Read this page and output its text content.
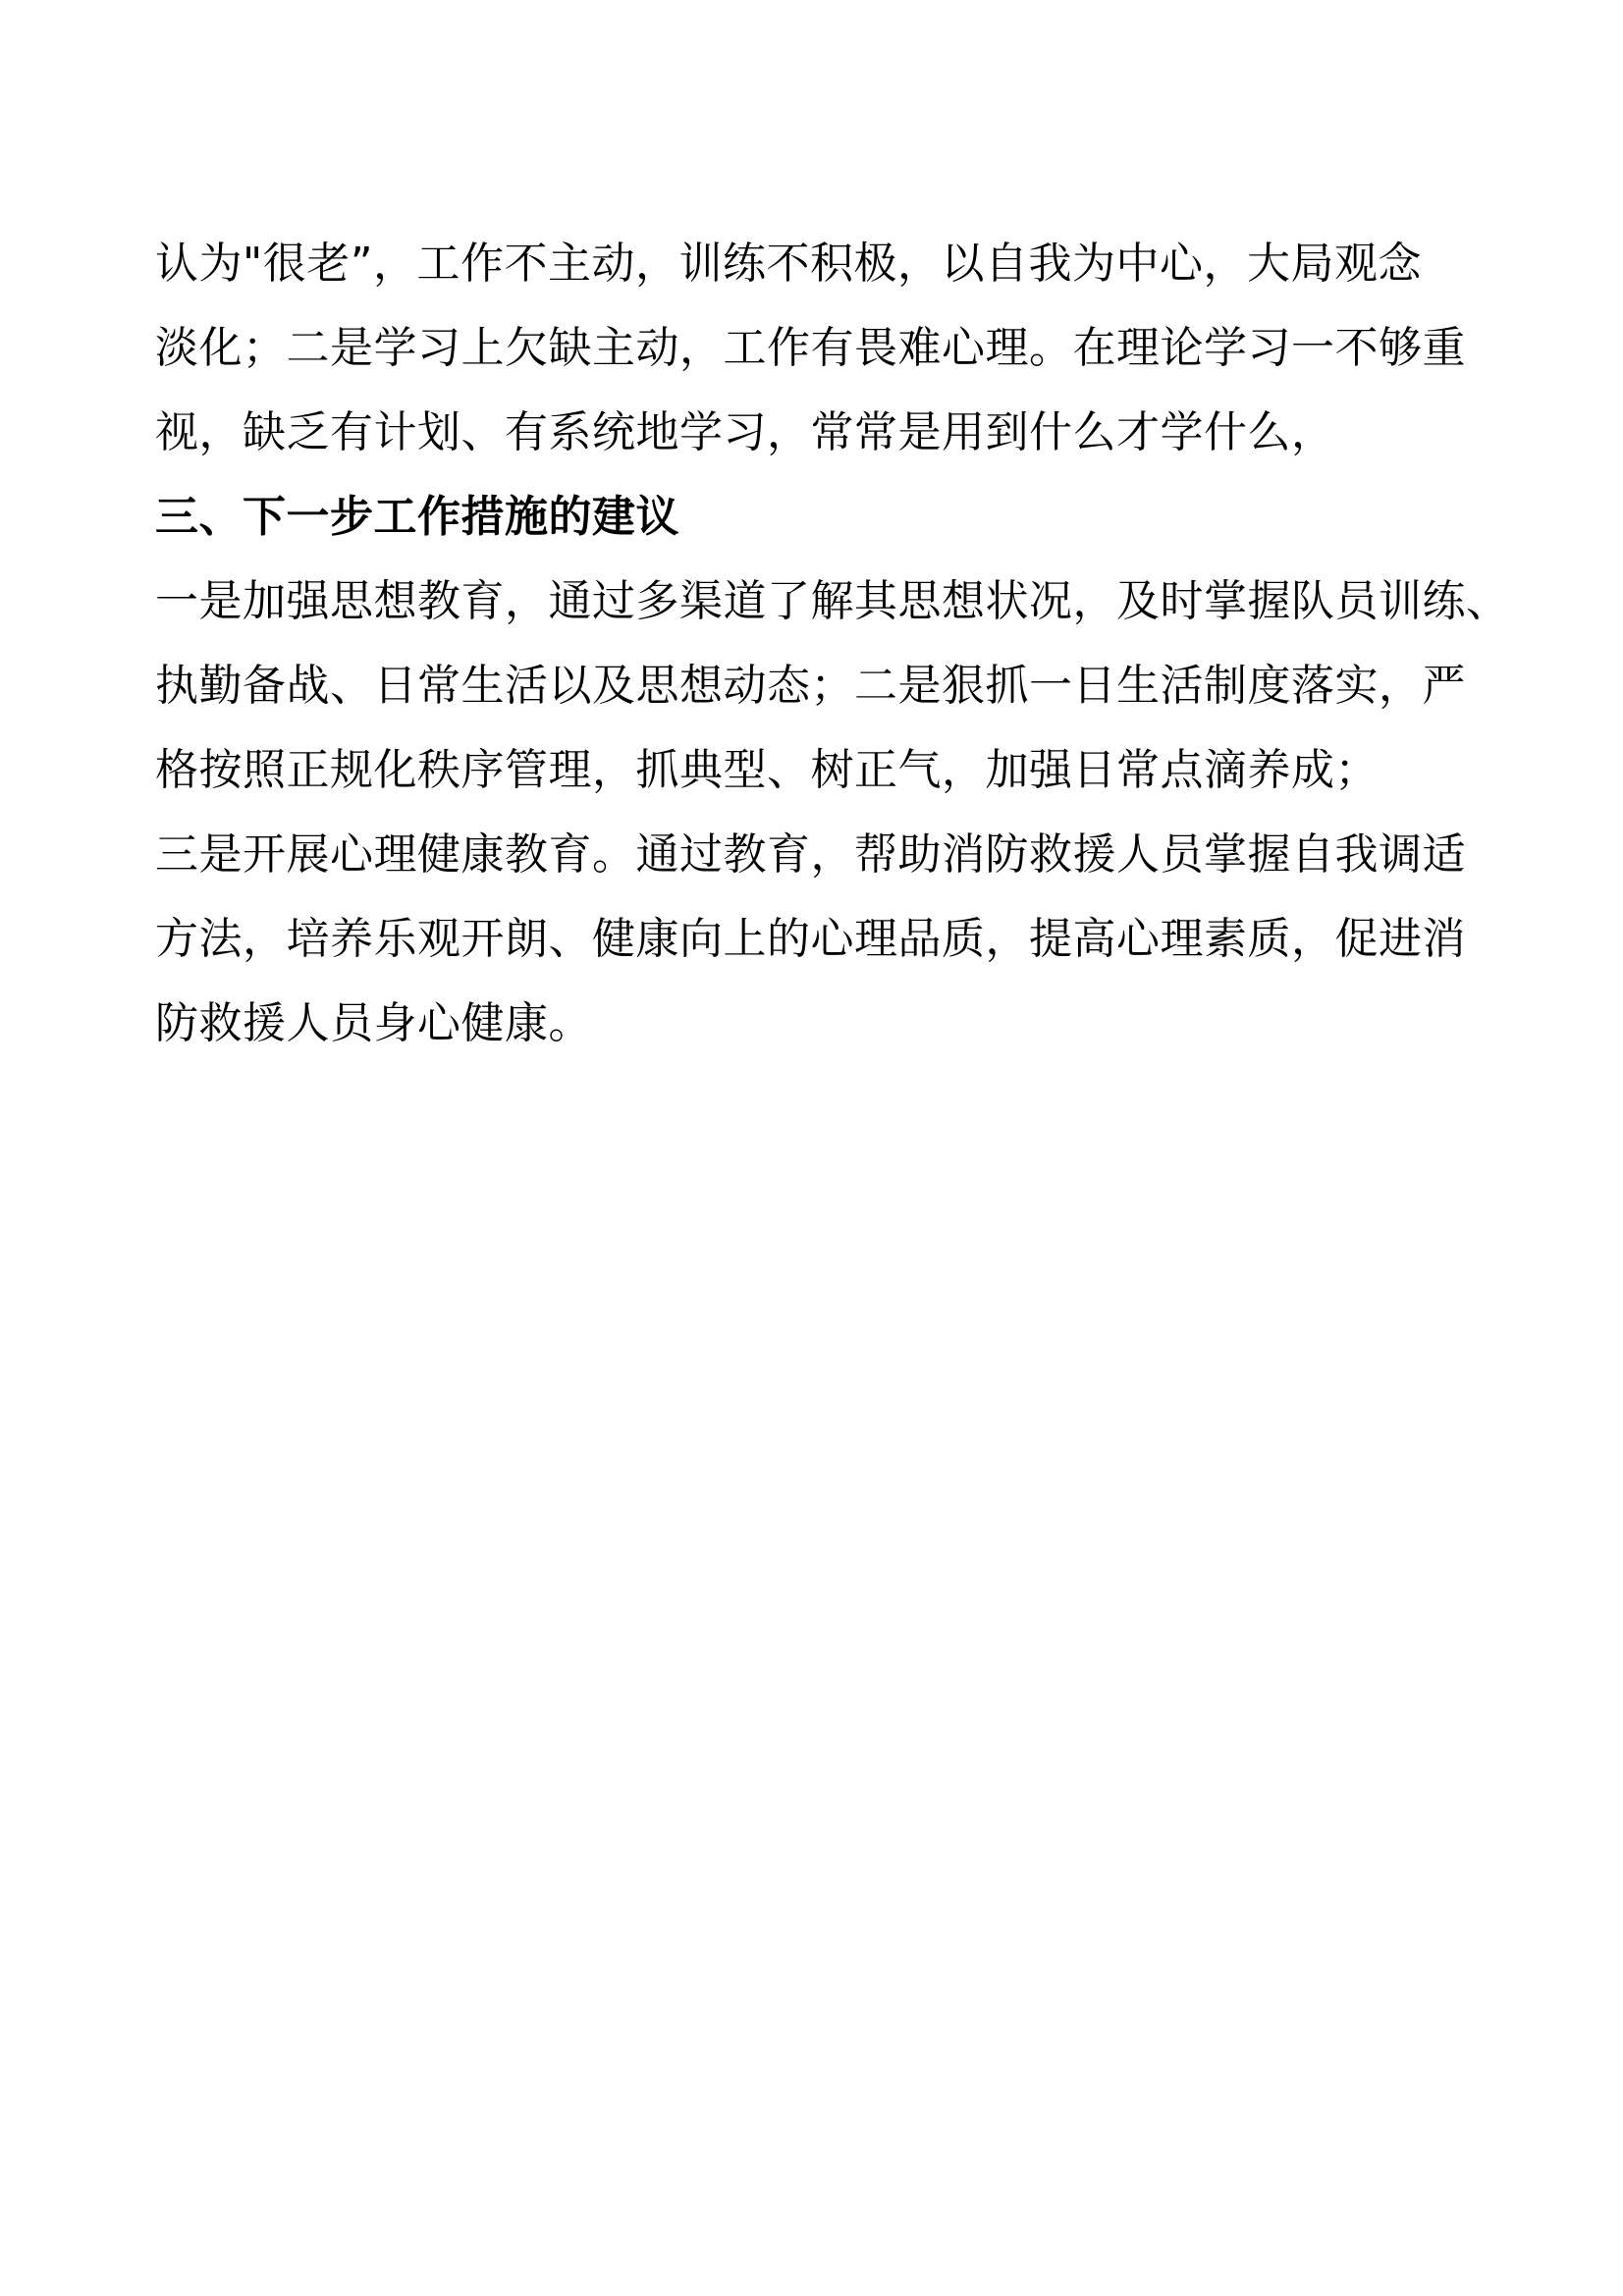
认为"很老”，工作不主动，训练不积极，以自我为中心，大局观念
淡化；二是学习上欠缺主动，工作有畏难心理。在理论学习一不够重
视，缺乏有计划、有系统地学习，常常是用到什么才学什么，
三、下一步工作措施的建议
一是加强思想教育，通过多渠道了解其思想状况，及时掌握队员训练、
执勤备战、日常生活以及思想动态；二是狠抓一日生活制度落实，严
格按照正规化秩序管理，抓典型、树正气，加强日常点滴养成；
三是开展心理健康教育。通过教育，帮助消防救援人员掌握自我调适
方法，培养乐观开朗、健康向上的心理品质，提高心理素质，促进消
防救援人员身心健康。
